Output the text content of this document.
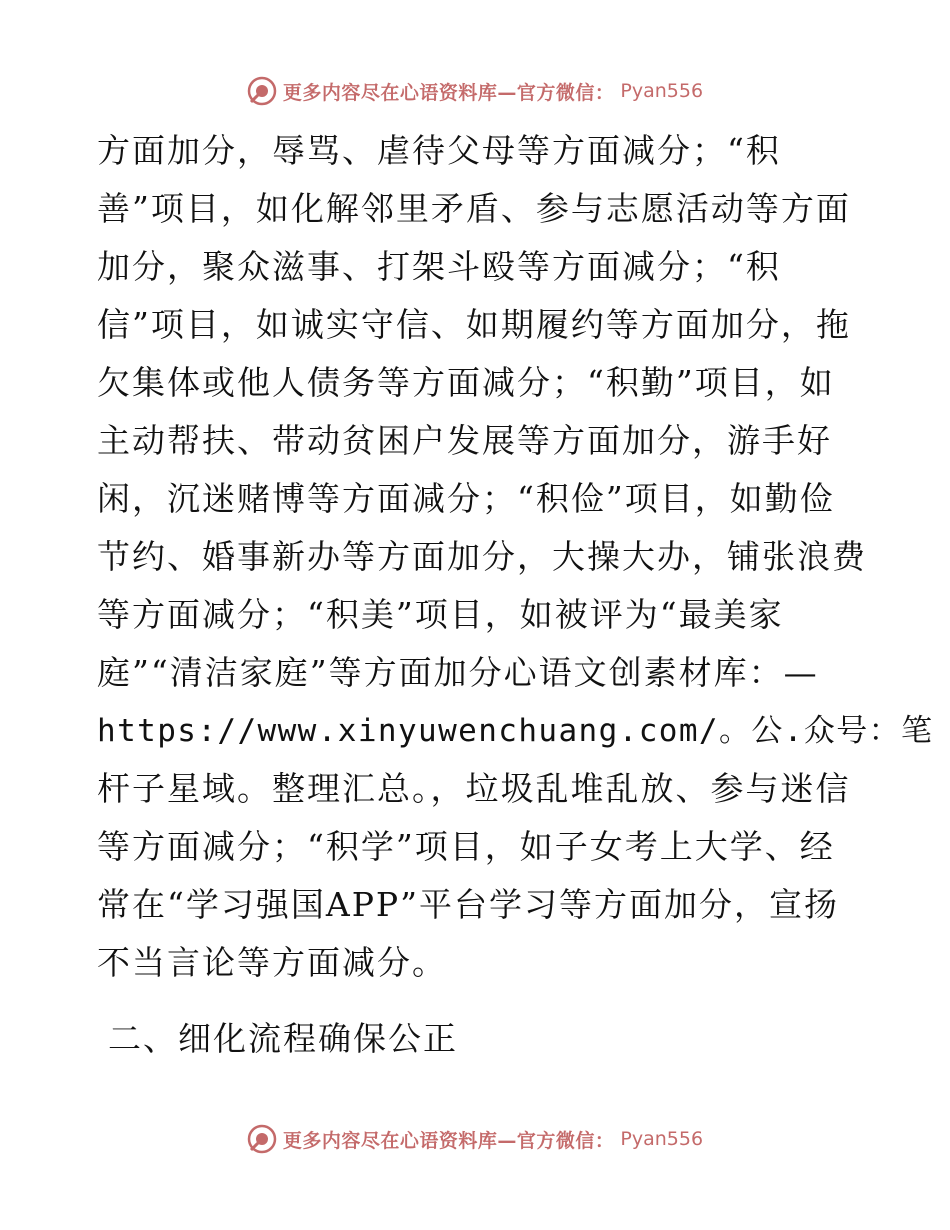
更多内容尽在心语资料库—官方微信： Pyan556
方面加分，辱骂、虐待父母等方面减分；“积
善”项目，如化解邻里矛盾、参与志愿活动等方面
加分，聚众滋事、打架斗殴等方面减分；“积
信”项目，如诚实守信、如期履约等方面加分，拖
欠集体或他人债务等方面减分；“积勤”项目，如
主动帮扶、带动贫困户发展等方面加分，游手好
闲，沉迷赌博等方面减分；“积俭”项目，如勤俭
节约、婚事新办等方面加分，大操大办，铺张浪费
等方面减分；“积美”项目，如被评为“最美家
庭”“清洁家庭”等方面加分心语文创素材库：—
https://www.xinyuwenchuang.com/。公.众号：笔
杆子星域。整理汇总。，垃圾乱堆乱放、参与迷信
等方面减分；“积学”项目，如子女考上大学、经
常在“学习强国APP”平台学习等方面加分，宣扬
不当言论等方面减分。
二、细化流程确保公正
更多内容尽在心语资料库—官方微信： Pyan556
